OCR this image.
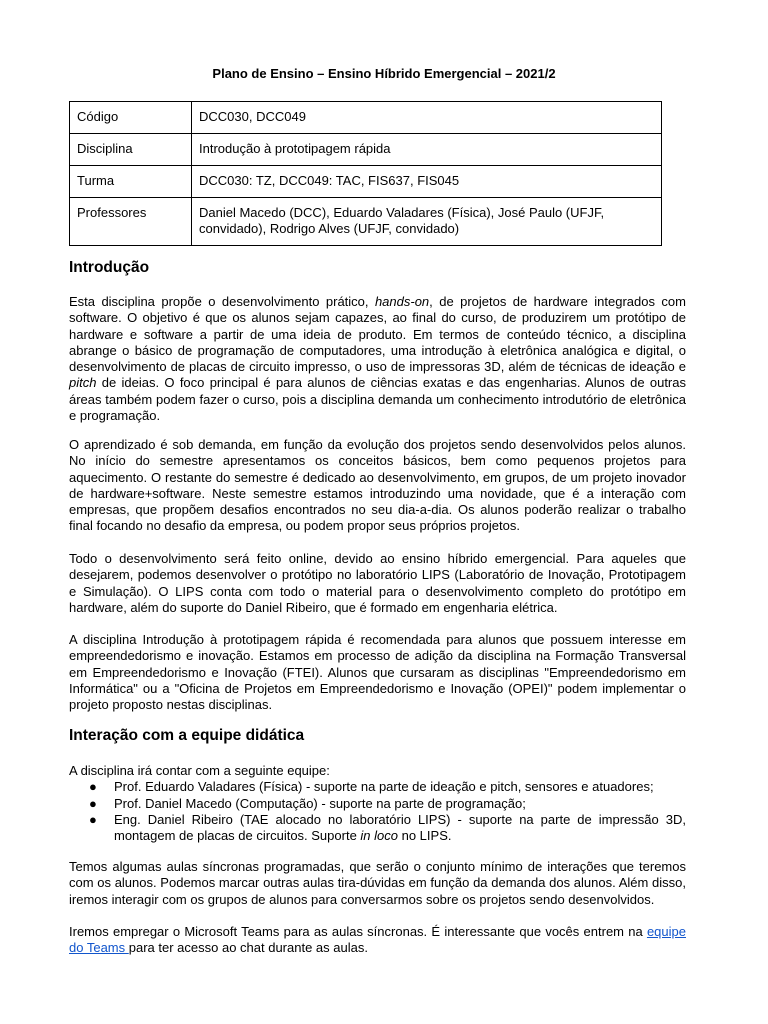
Plano de Ensino – Ensino Híbrido Emergencial – 2021/2
Código	DCC030, DCC049
Disciplina	Introdução à prototipagem rápida
Turma	DCC030: TZ, DCC049: TAC, FIS637, FIS045
Professores	Daniel Macedo (DCC), Eduardo Valadares (Física), José Paulo (UFJF, convidado), Rodrigo Alves (UFJF, convidado)
Introdução

Esta disciplina propõe o desenvolvimento prático, hands-on, de projetos de hardware integrados com software. O objetivo é que os alunos sejam capazes, ao final do curso, de produzirem um protótipo de hardware e software a partir de uma ideia de produto. Em termos de conteúdo técnico, a disciplina abrange o básico de programação de computadores, uma introdução à eletrônica analógica e digital, o desenvolvimento de placas de circuito impresso, o uso de impressoras 3D, além de técnicas de ideação e pitch de ideias. O foco principal é para alunos de ciências exatas e das engenharias. Alunos de outras áreas também podem fazer o curso, pois a disciplina demanda um conhecimento introdutório de eletrônica e programação.

O aprendizado é sob demanda, em função da evolução dos projetos sendo desenvolvidos pelos alunos. No início do semestre apresentamos os conceitos básicos, bem como pequenos projetos para aquecimento. O restante do semestre é dedicado ao desenvolvimento, em grupos, de um projeto inovador de hardware+software. Neste semestre estamos introduzindo uma novidade, que é a interação com empresas, que propõem desafios encontrados no seu dia-a-dia. Os alunos poderão realizar o trabalho final focando no desafio da empresa, ou podem propor seus próprios projetos.

Todo o desenvolvimento será feito online, devido ao ensino híbrido emergencial. Para aqueles que desejarem, podemos desenvolver o protótipo no laboratório LIPS (Laboratório de Inovação, Prototipagem e Simulação). O LIPS conta com todo o material para o desenvolvimento completo do protótipo em hardware, além do suporte do Daniel Ribeiro, que é formado em engenharia elétrica.

A disciplina Introdução à prototipagem rápida é recomendada para alunos que possuem interesse em empreendedorismo e inovação. Estamos em processo de adição da disciplina na Formação Transversal em Empreendedorismo e Inovação (FTEI). Alunos que cursaram as disciplinas "Empreendedorismo em Informática" ou a "Oficina de Projetos em Empreendedorismo e Inovação (OPEI)" podem implementar o projeto proposto nestas disciplinas.

Interação com a equipe didática
A disciplina irá contar com a seguinte equipe:
● Prof. Eduardo Valadares (Física) - suporte na parte de ideação e pitch, sensores e atuadores;
● Prof. Daniel Macedo (Computação) - suporte na parte de programação;
● Eng. Daniel Ribeiro (TAE alocado no laboratório LIPS) - suporte na parte de impressão 3D, montagem de placas de circuitos. Suporte in loco no LIPS.

Temos algumas aulas síncronas programadas, que serão o conjunto mínimo de interações que teremos com os alunos. Podemos marcar outras aulas tira-dúvidas em função da demanda dos alunos. Além disso, iremos interagir com os grupos de alunos para conversarmos sobre os projetos sendo desenvolvidos.

Iremos empregar o Microsoft Teams para as aulas síncronas. É interessante que vocês entrem na equipe do Teams para ter acesso ao chat durante as aulas.
